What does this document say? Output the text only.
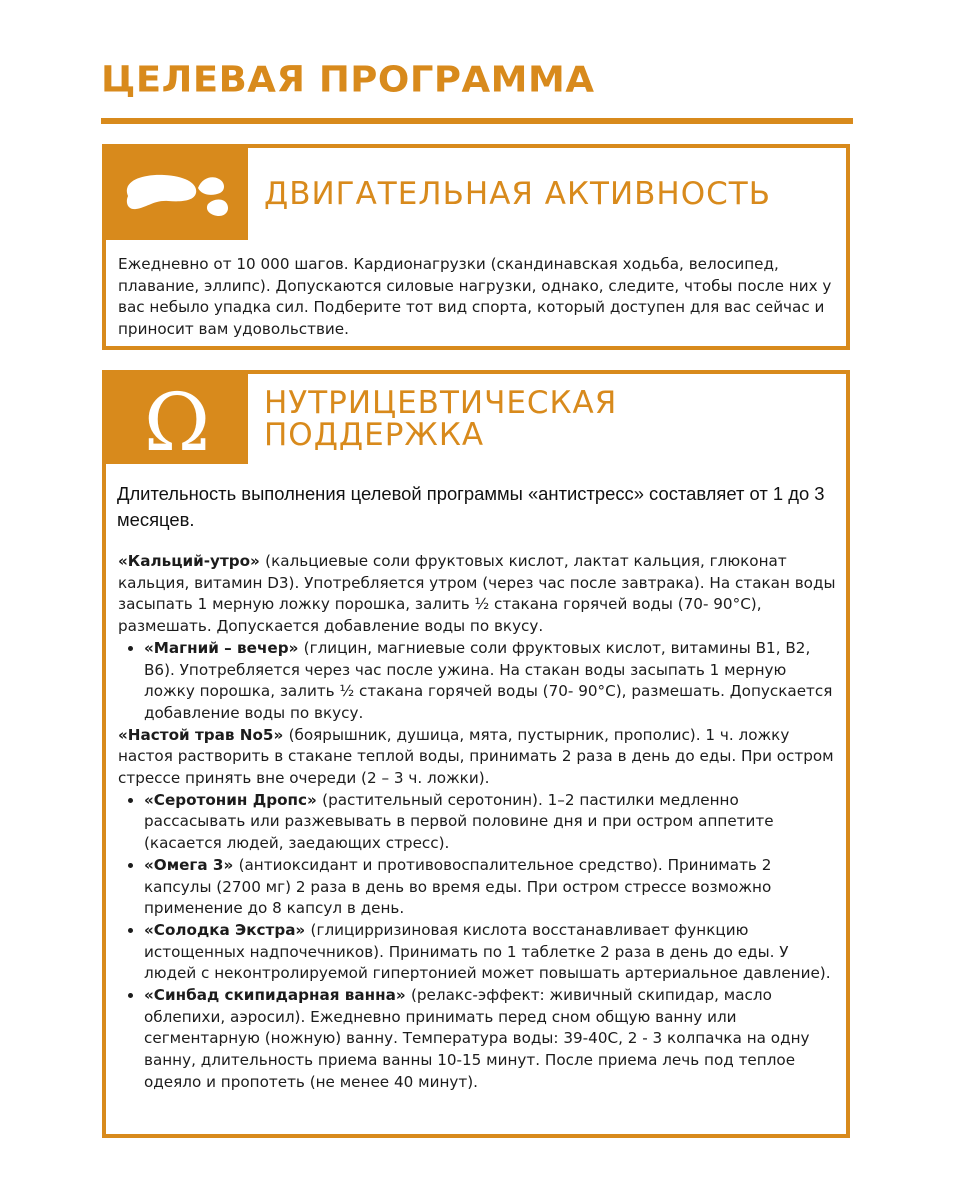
ЦЕЛЕВАЯ ПРОГРАММА
ДВИГАТЕЛЬНАЯ АКТИВНОСТЬ

Ежедневно от 10 000 шагов. Кардионагрузки (скандинавская ходьба, велосипед, плавание, эллипс). Допускаются силовые нагрузки, однако, следите, чтобы после них у вас небыло упадка сил. Подберите тот вид спорта, который доступен для вас сейчас и приносит вам удовольствие.

Ω НУТРИЦЕВТИЧЕСКАЯ ПОДДЕРЖКА

Длительность выполнения целевой программы «антистресс» составляет от 1 до 3 месяцев.

«Кальций-утро» (кальциевые соли фруктовых кислот, лактат кальция, глюконат кальция, витамин D3). Употребляется утром (через час после завтрака). На стакан воды засыпать 1 мерную ложку порошка, залить ½ стакана горячей воды (70- 90°C), размешать. Допускается добавление воды по вкусу.

• «Магний – вечер» (глицин, магниевые соли фруктовых кислот, витамины В1, В2, В6). Употребляется через час после ужина. На стакан воды засыпать 1 мерную ложку порошка, залить ½ стакана горячей воды (70- 90°C), размешать. Допускается добавление воды по вкусу.

«Настой трав No5» (боярышник, душица, мята, пустырник, прополис). 1 ч. ложку настоя растворить в стакане теплой воды, принимать 2 раза в день до еды. При остром стрессе принять вне очереди (2 – 3 ч. ложки).

• «Серотонин Дропс» (растительный серотонин). 1–2 пастилки медленно рассасывать или разжевывать в первой половине дня и при остром аппетите (касается людей, заедающих стресс).
• «Омега 3» (антиоксидант и противовоспалительное средство). Принимать 2 капсулы (2700 мг) 2 раза в день во время еды. При остром стрессе возможно применение до 8 капсул в день.
• «Солодка Экстра» (глицирризиновая кислота восстанавливает функцию истощенных надпочечников). Принимать по 1 таблетке 2 раза в день до еды. У людей с неконтролируемой гипертонией может повышать артериальное давление).
• «Синбад скипидарная ванна» (релакс-эффект: живичный скипидар, масло облепихи, аэросил). Ежедневно принимать перед сном общую ванну или сегментарную (ножную) ванну. Температура воды: 39-40С, 2 - 3 колпачка на одну ванну, длительность приема ванны 10-15 минут. После приема лечь под теплое одеяло и пропотеть (не менее 40 минут).
